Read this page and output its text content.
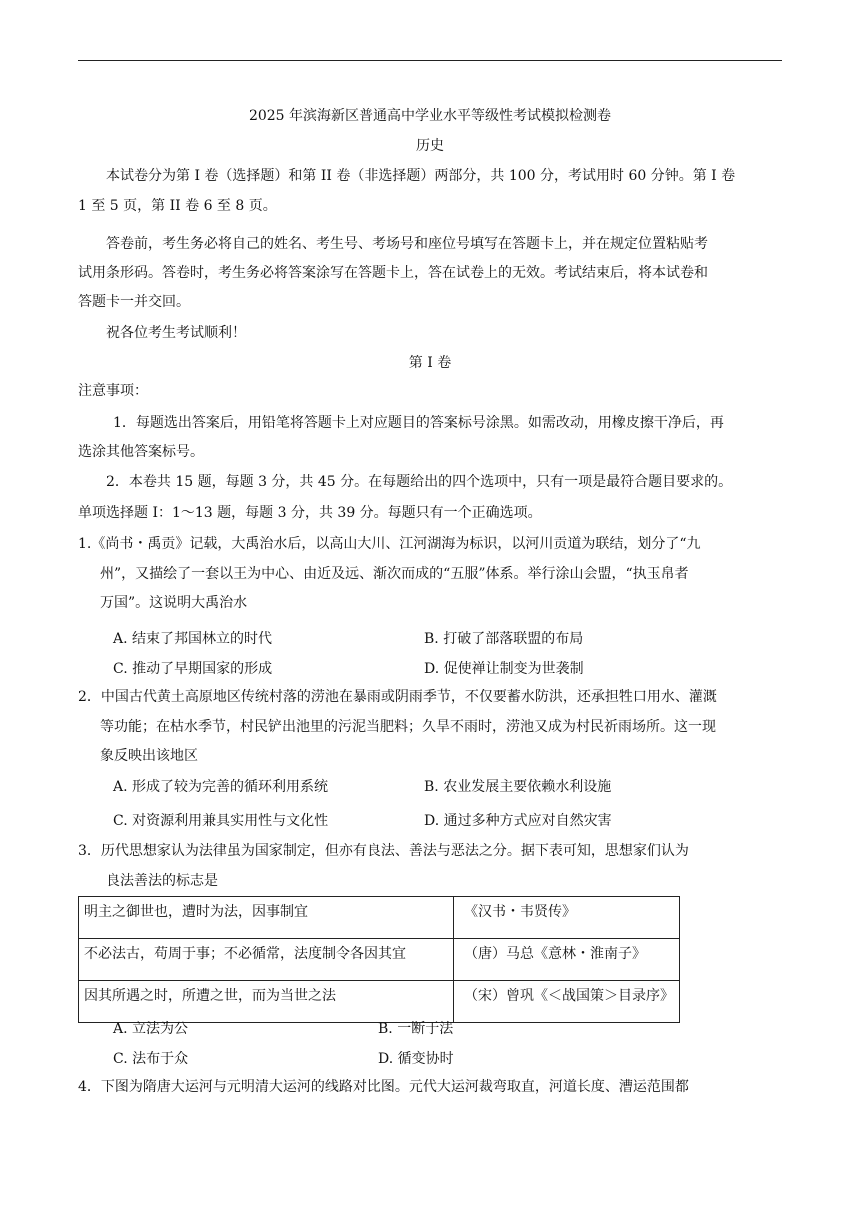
2025 年滨海新区普通高中学业水平等级性考试模拟检测卷
历史
本试卷分为第 I 卷（选择题）和第 II 卷（非选择题）两部分，共 100 分，考试用时 60 分钟。第 I 卷
1 至 5 页，第 II 卷 6 至 8 页。
答卷前，考生务必将自己的姓名、考生号、考场号和座位号填写在答题卡上，并在规定位置粘贴考
试用条形码。答卷时，考生务必将答案涂写在答题卡上，答在试卷上的无效。考试结束后，将本试卷和
答题卡一并交回。
祝各位考生考试顺利！
第 I 卷
注意事项：
1．每题选出答案后，用铅笔将答题卡上对应题目的答案标号涂黑。如需改动，用橡皮擦干净后，再
选涂其他答案标号。
2．本卷共 15 题，每题 3 分，共 45 分。在每题给出的四个选项中，只有一项是最符合题目要求的。
单项选择题 I：1～13 题，每题 3 分，共 39 分。每题只有一个正确选项。
1.《尚书・禹贡》记载，大禹治水后，以高山大川、江河湖海为标识，以河川贡道为联结，划分了“九
州”，又描绘了一套以王为中心、由近及远、渐次而成的“五服”体系。举行涂山会盟，“执玉帛者
万国”。这说明大禹治水
A. 结束了邦国林立的时代	B. 打破了部落联盟的布局
C. 推动了早期国家的形成	D. 促使禅让制变为世袭制
2．中国古代黄土高原地区传统村落的涝池在暴雨或阴雨季节，不仅要蓄水防洪，还承担牲口用水、灌溉
等功能；在枯水季节，村民铲出池里的污泥当肥料；久旱不雨时，涝池又成为村民祈雨场所。这一现
象反映出该地区
A. 形成了较为完善的循环利用系统	B. 农业发展主要依赖水利设施
C. 对资源利用兼具实用性与文化性	D. 通过多种方式应对自然灾害
3．历代思想家认为法律虽为国家制定，但亦有良法、善法与恶法之分。据下表可知，思想家们认为
良法善法的标志是
明主之御世也，遭时为法，因事制宜	《汉书・韦贤传》
不必法古，苟周于事；不必循常，法度制令各因其宜	（唐）马总《意林・淮南子》
因其所遇之时，所遭之世，而为当世之法	（宋）曾巩《＜战国策＞目录序》
A. 立法为公	B. 一断于法
C. 法布于众	D. 循变协时
4．下图为隋唐大运河与元明清大运河的线路对比图。元代大运河裁弯取直，河道长度、漕运范围都
